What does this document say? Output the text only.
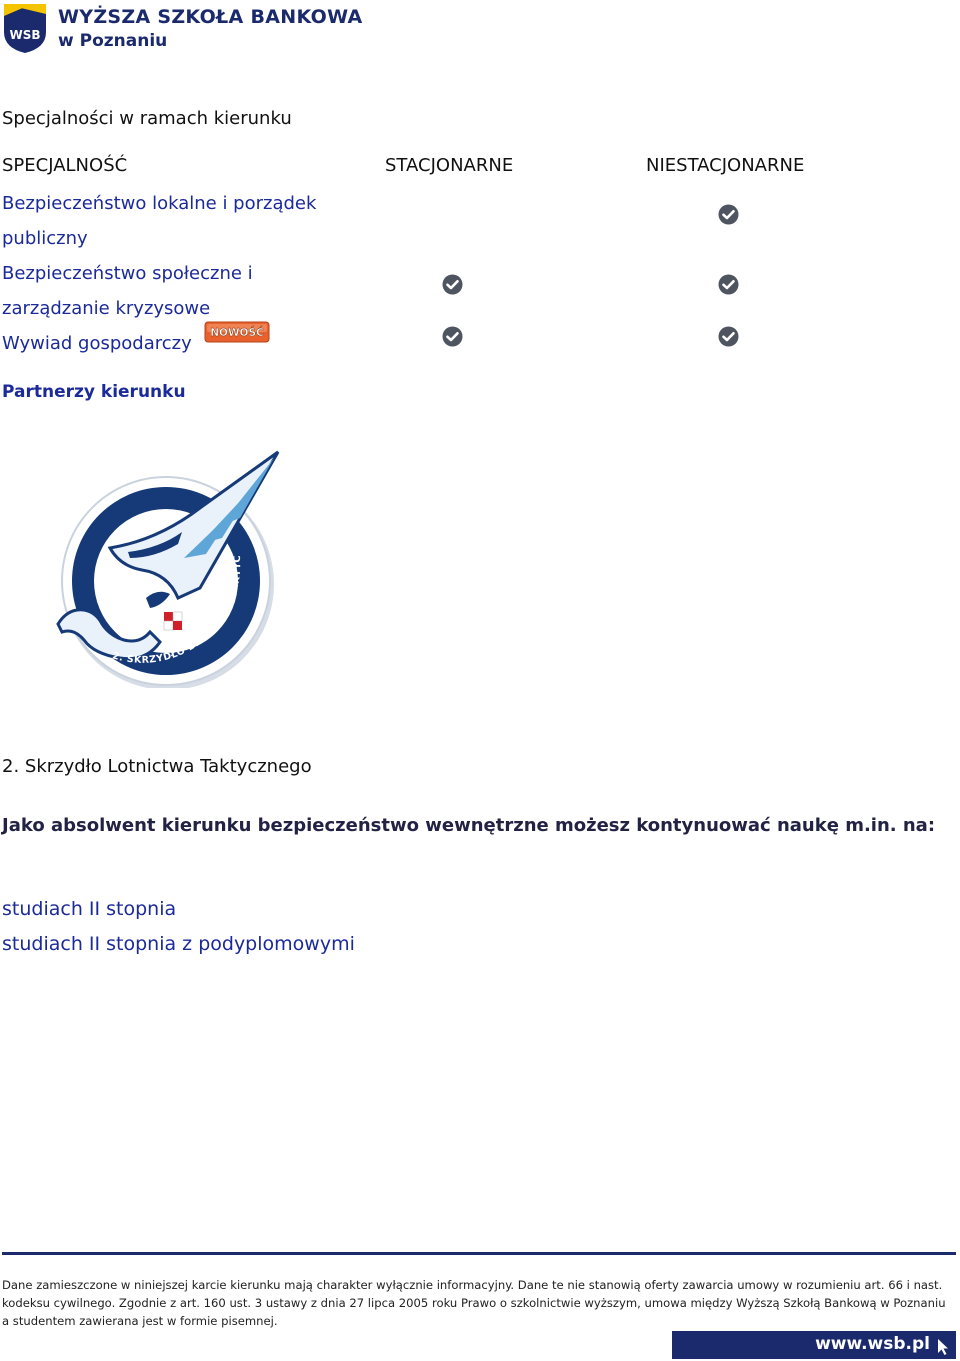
WSB
WYŻSZA SZKOŁA BANKOWA
w Poznaniu
Specjalności w ramach kierunku
SPECJALNOŚĆ	STACJONARNE	NIESTACJONARNE
Bezpieczeństwo lokalne i porządek publiczny
Bezpieczeństwo społeczne i zarządzanie kryzysowe
Wywiad gospodarczy NOWOŚĆ
Partnerzy kierunku
2. SKRZYDŁO LOTNICTWA TAKTYC
2. Skrzydło Lotnictwa Taktycznego
Jako absolwent kierunku bezpieczeństwo wewnętrzne możesz kontynuować naukę m.in. na:
studiach II stopnia
studiach II stopnia z podyplomowymi
Dane zamieszczone w niniejszej karcie kierunku mają charakter wyłącznie informacyjny. Dane te nie stanowią oferty zawarcia umowy w rozumieniu art. 66 i nast. kodeksu cywilnego. Zgodnie z art. 160 ust. 3 ustawy z dnia 27 lipca 2005 roku Prawo o szkolnictwie wyższym, umowa między Wyższą Szkołą Bankową w Poznaniu a studentem zawierana jest w formie pisemnej.
www.wsb.pl
